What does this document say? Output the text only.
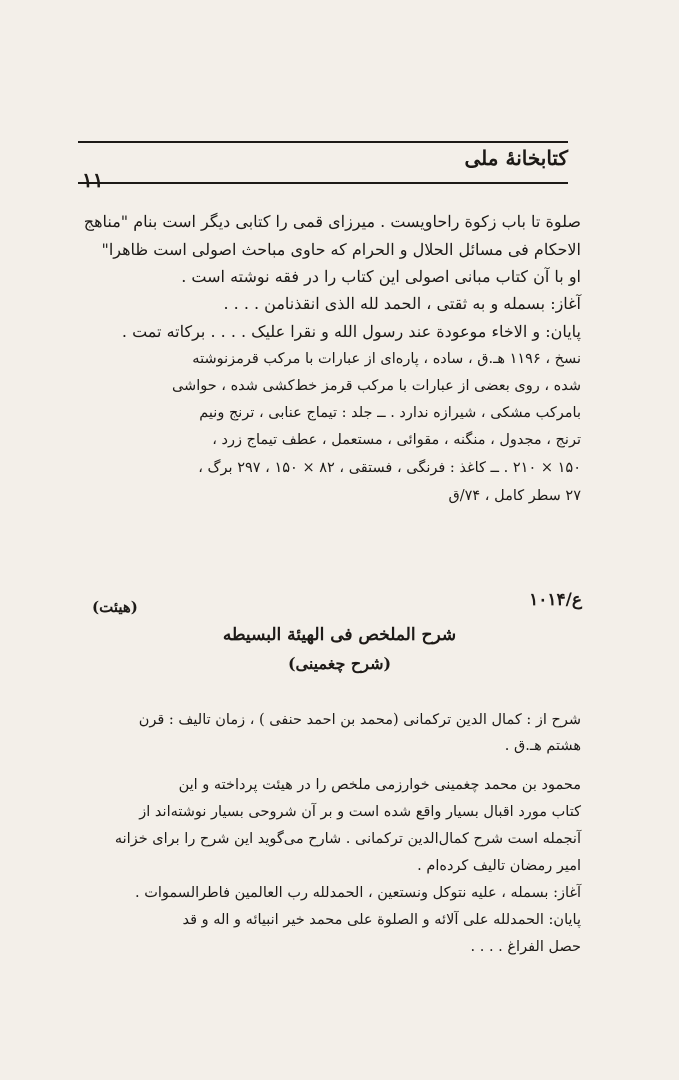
کتابخانهٔ ملی
۱۱
صلوة تا باب زکوة راحاویست . میرزای قمی را کتابی دیگر است بنام "مناهج
الاحکام فی مسائل الحلال و الحرام که حاوی مباحث اصولی است ظاهرا"
او با آن کتاب مبانی اصولی این کتاب را در فقه نوشته است .
آغاز: بسمله و به ثقتی ، الحمد لله الذی انقذنامن . . . .
پایان: و الاخاء موعودة عند رسول الله و نقرا علیک . . . . برکاته تمت .
نسخ ، ۱۱۹۶ هـ.ق ، ساده ، پاره‌ای از عبارات با مرکب قرمزنوشته
شده ، روی بعضی از عبارات با مرکب قرمز خط‌کشی شده ، حواشی
بامرکب مشکی ، شیرازه ندارد . ــ جلد : تیماج عنابی ، ترنج ونیم
ترنج ، مجدول ، منگنه ، مقوائی ، مستعمل ، عطف تیماج زرد ،
۱۵۰ × ۲۱۰ . ــ کاغذ : فرنگی ، فستقی ، ۸۲ × ۱۵۰ ، ۲۹۷ برگ ،
۲۷ سطر کامل ، ۷۴/ق
۱۰۱۴/ع
(هیئت)
شرح الملخص فی الهیئة البسیطه
(شرح چغمینی)
شرح از : کمال الدین ترکمانی (محمد بن احمد حنفی ) ، زمان تالیف : قرن
هشتم هـ.ق .
محمود بن محمد چغمینی خوارزمی ملخص را در هیئت پرداخته و این
کتاب مورد اقبال بسیار واقع شده است و بر آن شروحی بسیار نوشته‌اند از
آنجمله است شرح کمال‌الدین ترکمانی . شارح می‌گوید این شرح را برای خزانه
امیر رمضان تالیف کرده‌ام .
آغاز: بسمله ، علیه نتوکل ونستعین ، الحمدلله رب العالمین فاطرالسموات .
پایان: الحمدلله علی آلائه و الصلوة علی محمد خیر انبیائه و اله و قد
حصل الفراغ . . . .
